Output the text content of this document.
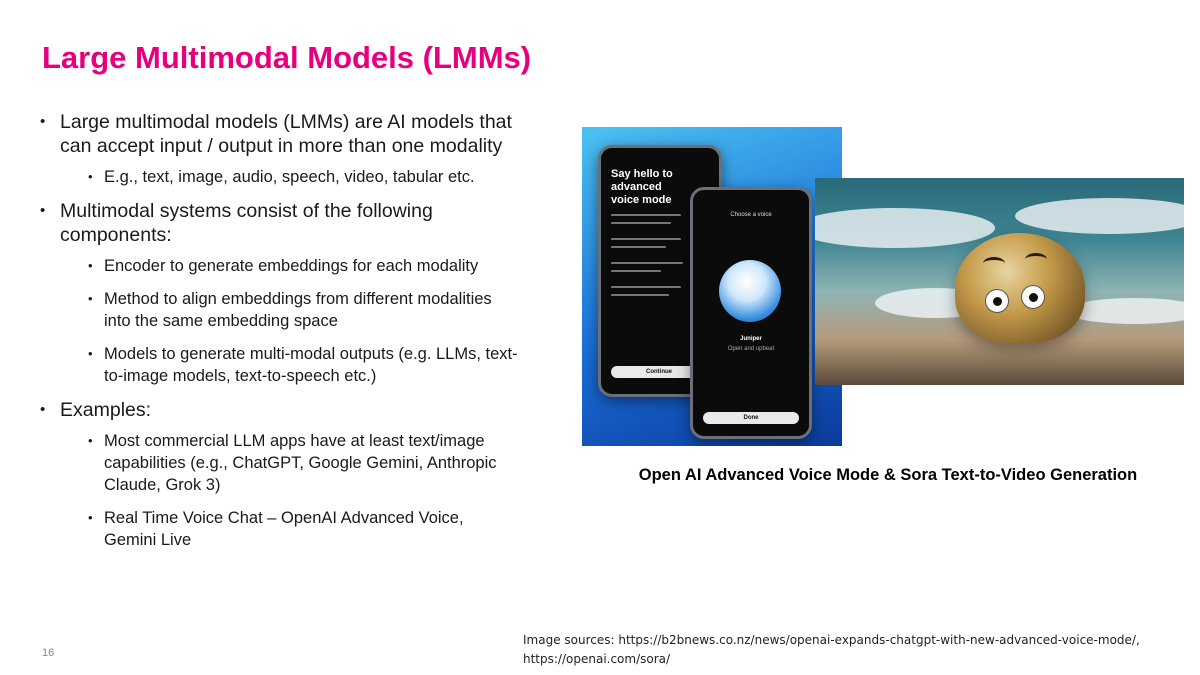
Large Multimodal Models (LMMs)

• Large multimodal models (LMMs) are AI models that can accept input / output in more than one modality

• E.g., text, image, audio, speech, video, tabular etc.

• Multimodal systems consist of the following components:

• Encoder to generate embeddings for each modality

• Method to align embeddings from different modalities into the same embedding space

• Models to generate multi-modal outputs (e.g. LLMs, text-to-image models, text-to-speech etc.)

• Examples:

• Most commercial LLM apps have at least text/image capabilities (e.g., ChatGPT, Google Gemini, Anthropic Claude, Grok 3)

• Real Time Voice Chat – OpenAI Advanced Voice, Gemini Live

Say hello to advanced voice mode
Continue
Choose a voice
Juniper
Open and upbeat
Done
Open AI Advanced Voice Mode & Sora Text-to-Video Generation
Image sources: https://b2bnews.co.nz/news/openai-expands-chatgpt-with-new-advanced-voice-mode/,
https://openai.com/sora/
16
